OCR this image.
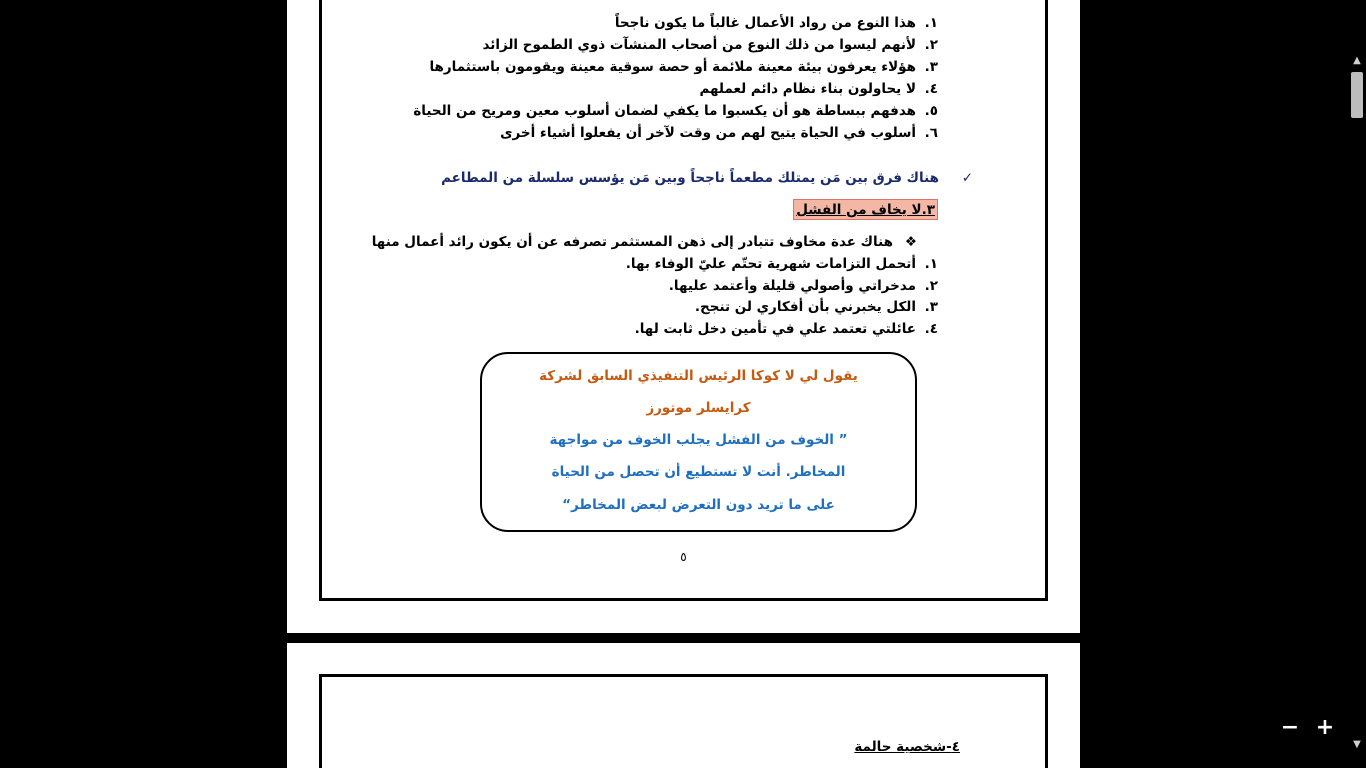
١.هذا النوع من رواد الأعمال غالباً ما يكون ناجحاً
٢.لأنهم ليسوا من ذلك النوع من أصحاب المنشآت ذوي الطموح الزائد
٣.هؤلاء يعرفون بيئة معينة ملائمة أو حصة سوقية معينة ويقومون باستثمارها
٤.لا يحاولون بناء نظام دائم لعملهم
٥.هدفهم ببساطة هو أن يكسبوا ما يكفي لضمان أسلوب معين ومريح من الحياة
٦.أسلوب في الحياة يتيح لهم من وقت لآخر أن يفعلوا أشياء أخرى
✓هناك فرق بين مَن يمتلك مطعماً ناجحاً وبين مَن يؤسس سلسلة من المطاعم
٣.لا يخاف من الفشل
❖هناك عدة مخاوف تتبادر إلى ذهن المستثمر تصرفه عن أن يكون رائد أعمال منها
١.أتحمل التزامات شهرية تحتّم عليّ الوفاء بها.
٢.مدخراتي وأصولي قليلة وأعتمد عليها.
٣.الكل يخبرني بأن أفكاري لن تنجح.
٤.عائلتي تعتمد علي في تأمين دخل ثابت لها.
يقول لي لا كوكا الرئيس التنفيذي السابق لشركة
كرايسلر موتورز
” الخوف من الفشل يجلب الخوف من مواجهة
المخاطر. أنت لا تستطيع أن تحصل من الحياة
على ما تريد دون التعرض لبعض المخاطر“
٥
٤-شخصية حالمة
▲
▼
− +
